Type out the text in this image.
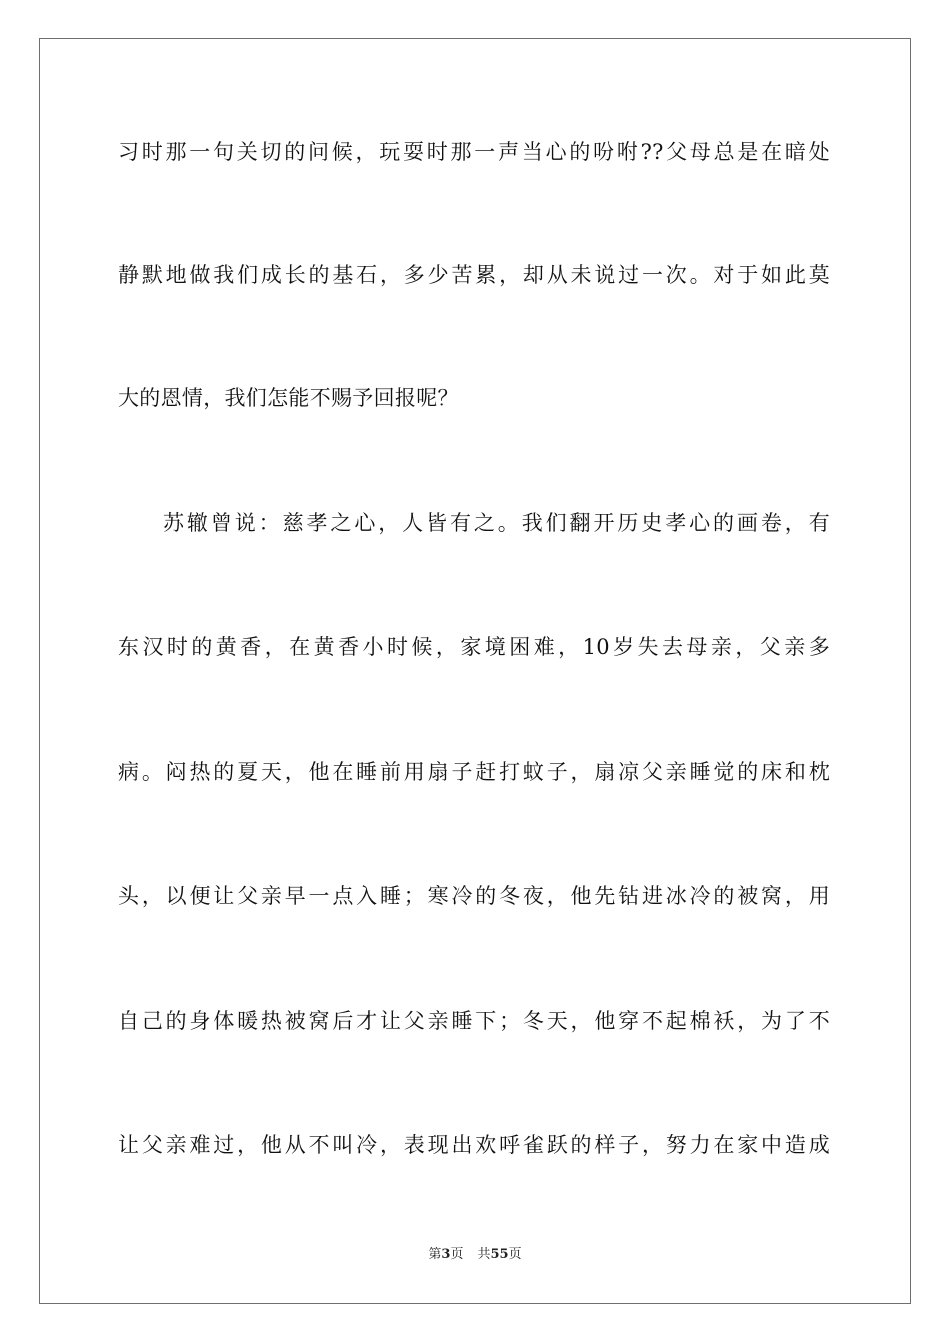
习时那一句关切的问候，玩耍时那一声当心的吩咐??父母总是在暗处
静默地做我们成长的基石，多少苦累，却从未说过一次。对于如此莫
大的恩情，我们怎能不赐予回报呢？
苏辙曾说：慈孝之心，人皆有之。我们翻开历史孝心的画卷，有
东汉时的黄香，在黄香小时候，家境困难，10岁失去母亲，父亲多
病。闷热的夏天，他在睡前用扇子赶打蚊子，扇凉父亲睡觉的床和枕
头，以便让父亲早一点入睡；寒冷的冬夜，他先钻进冰冷的被窝，用
自己的身体暖热被窝后才让父亲睡下；冬天，他穿不起棉袄，为了不
让父亲难过，他从不叫冷，表现出欢呼雀跃的样子，努力在家中造成
第3页 共55页
